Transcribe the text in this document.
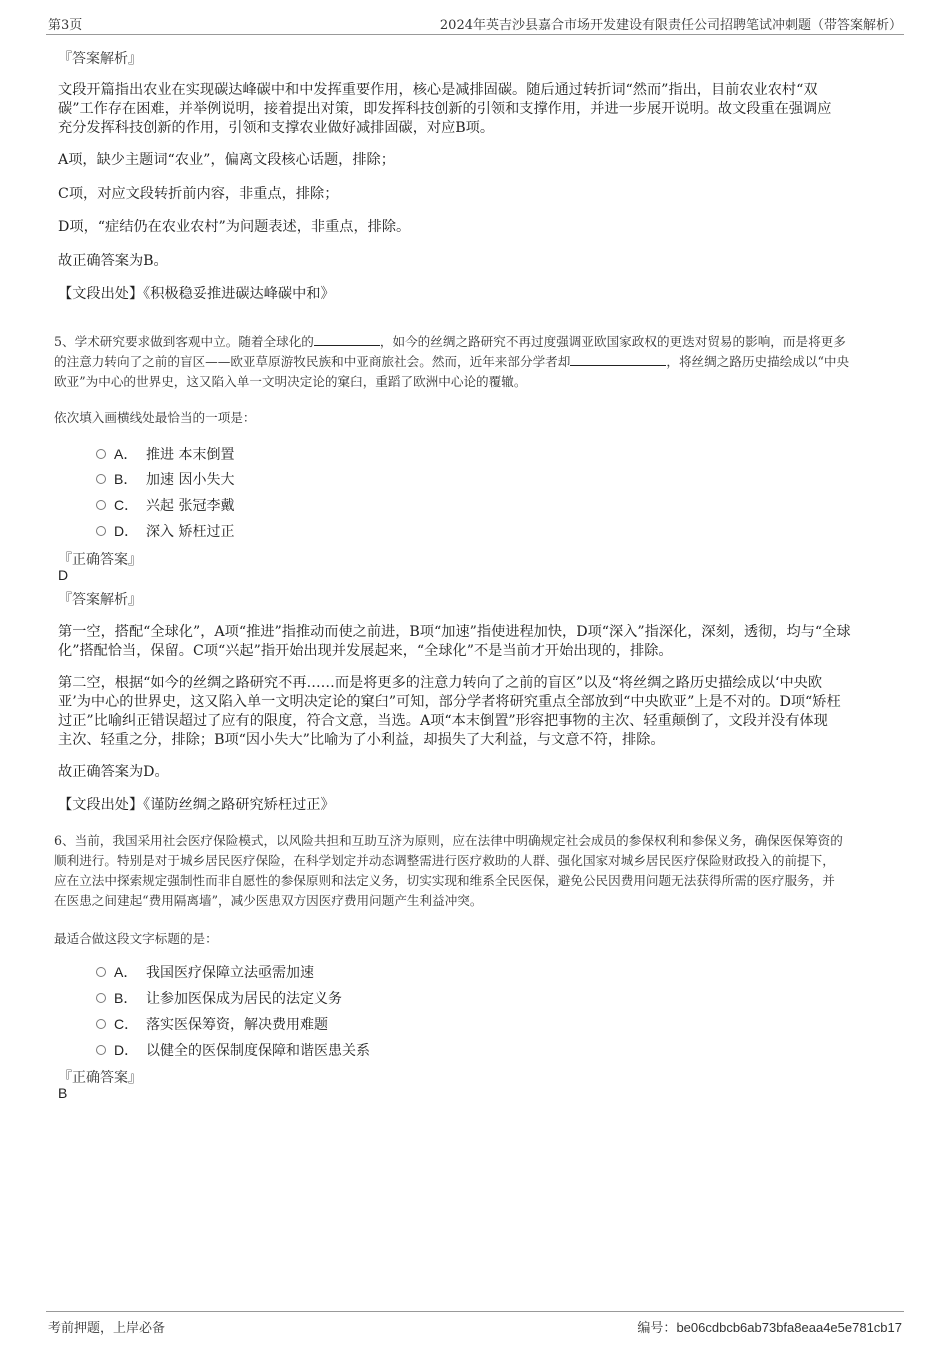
第3页	2024年英吉沙县嘉合市场开发建设有限责任公司招聘笔试冲刺题（带答案解析）
『答案解析』
文段开篇指出农业在实现碳达峰碳中和中发挥重要作用，核心是减排固碳。随后通过转折词“然而”指出，目前农业农村“双
碳”工作存在困难，并举例说明，接着提出对策，即发挥科技创新的引领和支撑作用，并进一步展开说明。故文段重在强调应
充分发挥科技创新的作用，引领和支撑农业做好减排固碳，对应B项。
A项，缺少主题词“农业”，偏离文段核心话题，排除；
C项，对应文段转折前内容，非重点，排除；
D项，“症结仍在农业农村”为问题表述，非重点，排除。
故正确答案为B。
【文段出处】《积极稳妥推进碳达峰碳中和》
5、学术研究要求做到客观中立。随着全球化的	，如今的丝绸之路研究不再过度强调亚欧国家政权的更迭对贸易的影响，而是将更多
的注意力转向了之前的盲区——欧亚草原游牧民族和中亚商旅社会。然而，近年来部分学者却	，将丝绸之路历史描绘成以“中央
欧亚”为中心的世界史，这又陷入单一文明决定论的窠臼，重蹈了欧洲中心论的覆辙。
依次填入画横线处最恰当的一项是：
A． 推进 本末倒置
B． 加速 因小失大
C． 兴起 张冠李戴
D． 深入 矫枉过正
『正确答案』
D
『答案解析』
第一空，搭配“全球化”，A项“推进”指推动而使之前进，B项“加速”指使进程加快，D项“深入”指深化，深刻，透彻，均与“全球
化”搭配恰当，保留。C项“兴起”指开始出现并发展起来，“全球化”不是当前才开始出现的，排除。
第二空，根据“如今的丝绸之路研究不再……而是将更多的注意力转向了之前的盲区”以及“将丝绸之路历史描绘成以‘中央欧
亚’为中心的世界史，这又陷入单一文明决定论的窠臼”可知，部分学者将研究重点全部放到“中央欧亚”上是不对的。D项“矫枉
过正”比喻纠正错误超过了应有的限度，符合文意，当选。A项“本末倒置”形容把事物的主次、轻重颠倒了，文段并没有体现
主次、轻重之分，排除；B项“因小失大”比喻为了小利益，却损失了大利益，与文意不符，排除。
故正确答案为D。
【文段出处】《谨防丝绸之路研究矫枉过正》
6、当前，我国采用社会医疗保险模式，以风险共担和互助互济为原则，应在法律中明确规定社会成员的参保权利和参保义务，确保医保筹资的
顺利进行。特别是对于城乡居民医疗保险，在科学划定并动态调整需进行医疗救助的人群、强化国家对城乡居民医疗保险财政投入的前提下，
应在立法中探索规定强制性而非自愿性的参保原则和法定义务，切实实现和维系全民医保，避免公民因费用问题无法获得所需的医疗服务，并
在医患之间建起“费用隔离墙”，减少医患双方因医疗费用问题产生利益冲突。
最适合做这段文字标题的是：
A． 我国医疗保障立法亟需加速
B． 让参加医保成为居民的法定义务
C． 落实医保筹资，解决费用难题
D． 以健全的医保制度保障和谐医患关系
『正确答案』
B
考前押题，上岸必备	编号：be06cdbcb6ab73bfa8eaa4e5e781cb17
